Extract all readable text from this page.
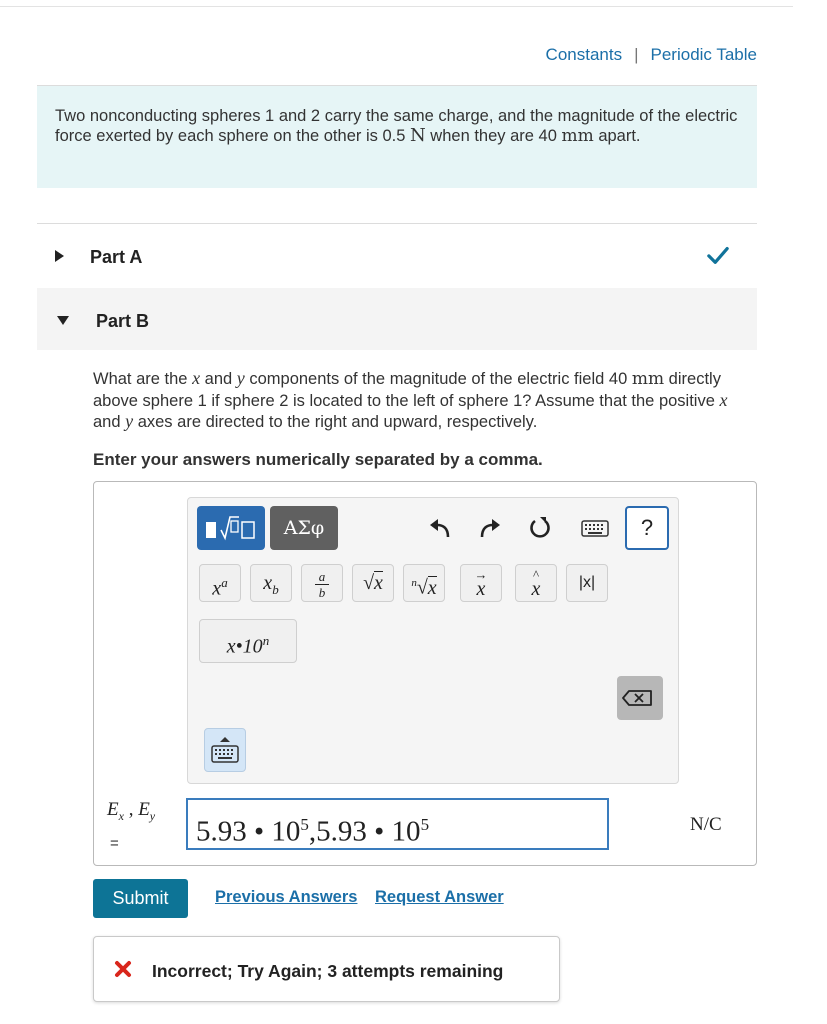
Constants | Periodic Table
Two nonconducting spheres 1 and 2 carry the same charge, and the magnitude of the electric force exerted by each sphere on the other is 0.5 N when they are 40 mm apart.
Part A
Part B
What are the x and y components of the magnitude of the electric field 40 mm directly above sphere 1 if sphere 2 is located to the left of sphere 1? Assume that the positive x and y axes are directed to the right and upward, respectively.
Enter your answers numerically separated by a comma.
ΑΣφ	?
$x^a$	$x_b$
a
b	√x	$^n$√x
→
x
^
x	|x|
x•10$^n$
$E_x$ , $E_y$
=	5.93 • $10^5,5.93$ • $10^5$	N/C
Submit	Previous Answers Request Answer
Incorrect; Try Again; 3 attempts remaining
